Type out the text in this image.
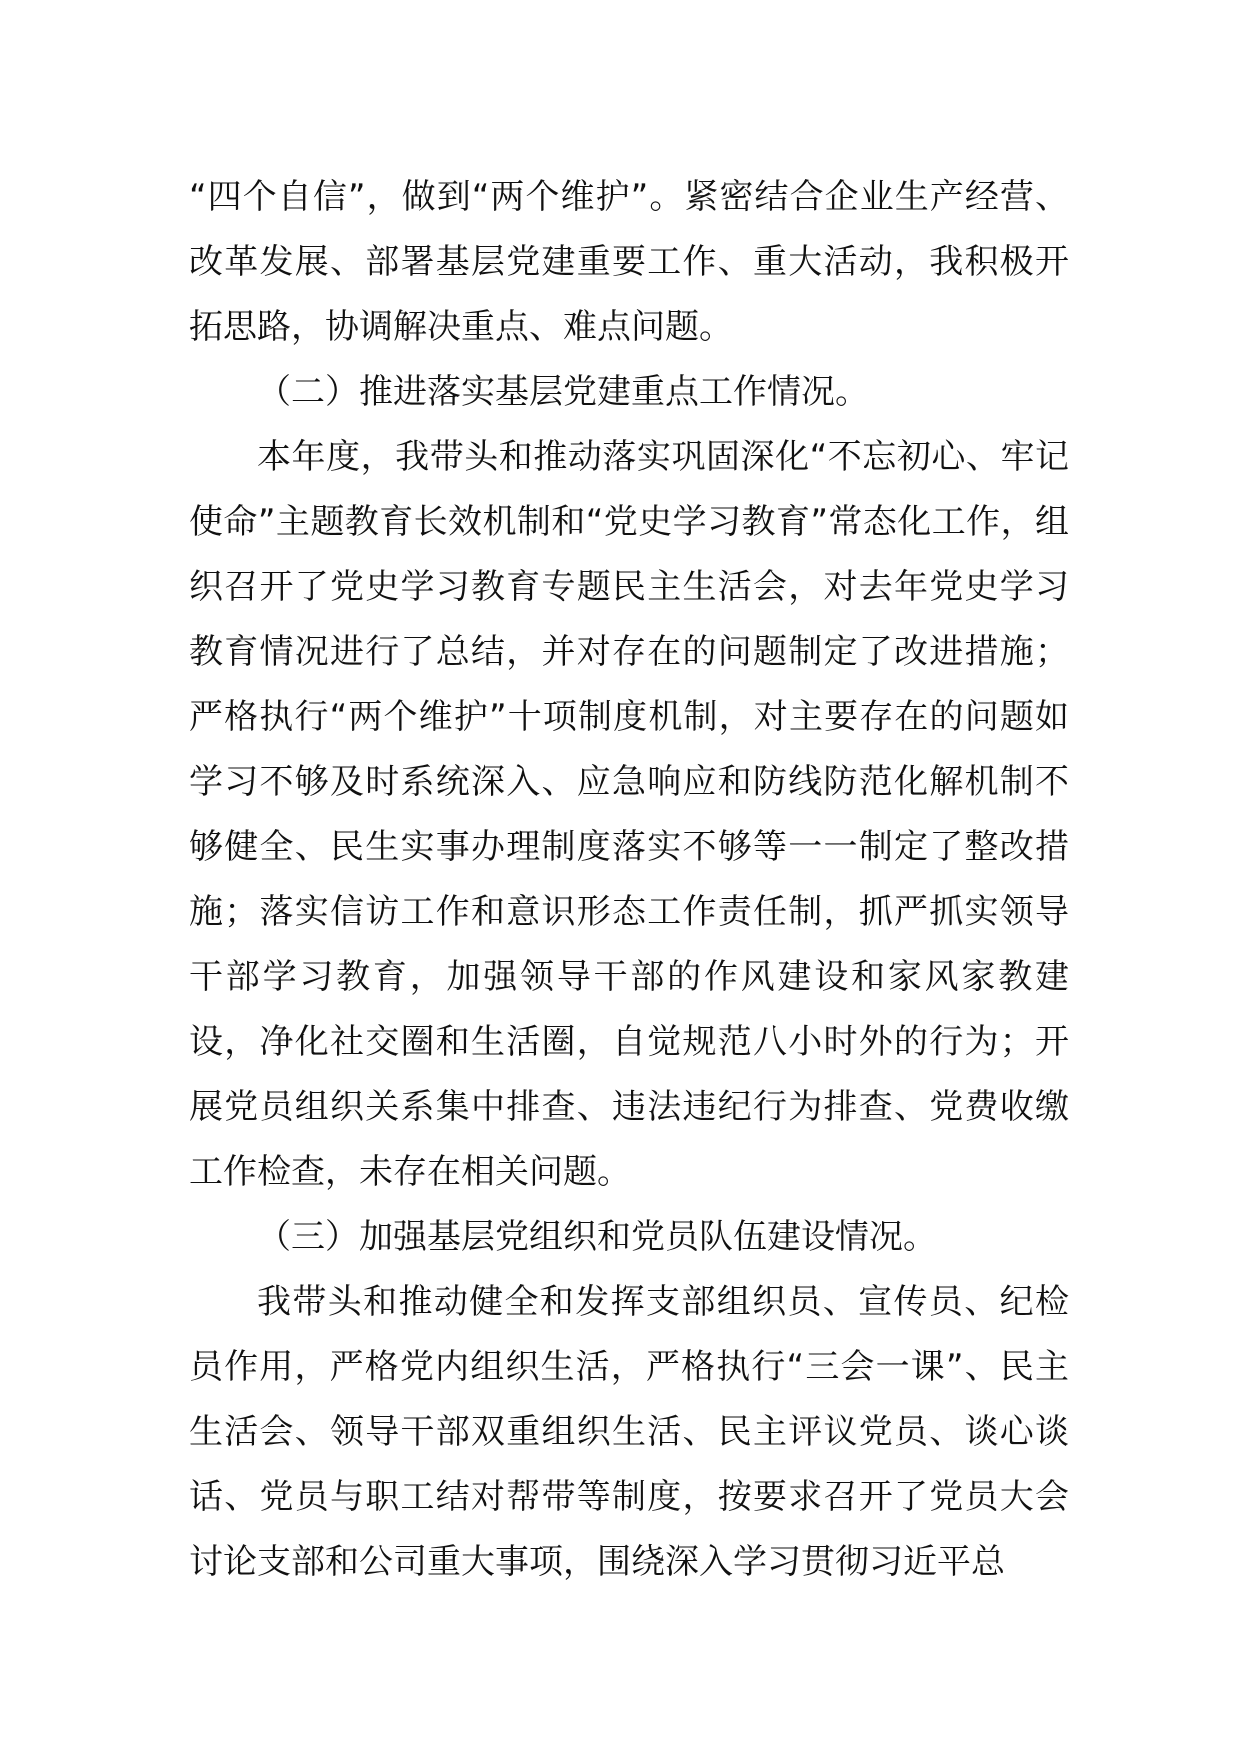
“四个自信”，做到“两个维护”。紧密结合企业生产经营、改革发展、部署基层党建重要工作、重大活动，我积极开拓思路，协调解决重点、难点问题。

（二）推进落实基层党建重点工作情况。

本年度，我带头和推动落实巩固深化“不忘初心、牢记使命”主题教育长效机制和“党史学习教育”常态化工作，组织召开了党史学习教育专题民主生活会，对去年党史学习教育情况进行了总结，并对存在的问题制定了改进措施；严格执行“两个维护”十项制度机制，对主要存在的问题如学习不够及时系统深入、应急响应和防线防范化解机制不够健全、民生实事办理制度落实不够等一一制定了整改措施；落实信访工作和意识形态工作责任制，抓严抓实领导干部学习教育，加强领导干部的作风建设和家风家教建设，净化社交圈和生活圈，自觉规范八小时外的行为；开展党员组织关系集中排查、违法违纪行为排查、党费收缴工作检查，未存在相关问题。

（三）加强基层党组织和党员队伍建设情况。

我带头和推动健全和发挥支部组织员、宣传员、纪检员作用，严格党内组织生活，严格执行“三会一课”、民主生活会、领导干部双重组织生活、民主评议党员、谈心谈话、党员与职工结对帮带等制度，按要求召开了党员大会讨论支部和公司重大事项，围绕深入学习贯彻习近平总
